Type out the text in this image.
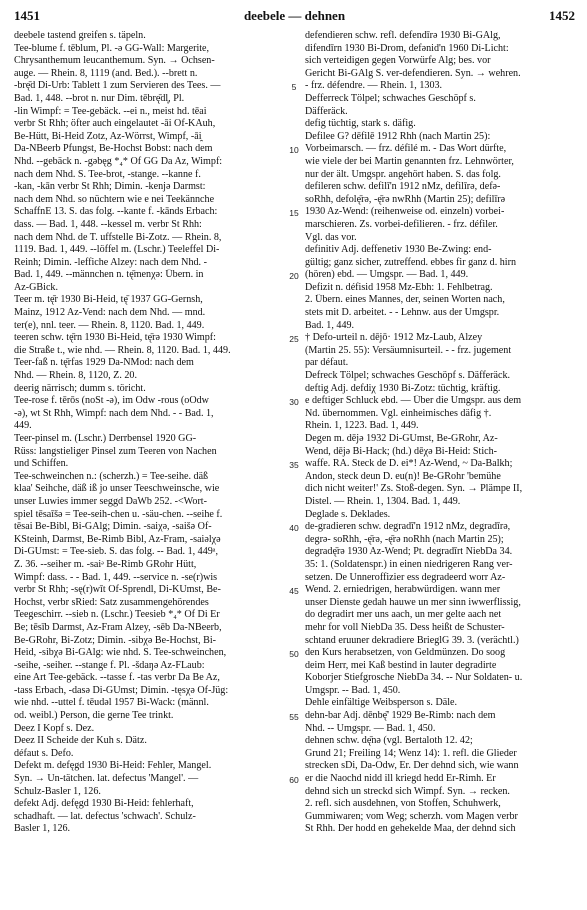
1451	deebele — dehnen	1452

deebele tastend greifen s. täpeln.

Tee-blume f. tēblum, Pl. -ə GG-Wall: Margerite,

Chrysanthemum leucanthemum. Syn. → Ochsen-

auge. — Rhein. 8, 1119 (and. Bed.). --brett n.

-brę̄d Di-Urb: Tablett 1 zum Servieren des Tees. —

Bad. 1, 448. --brot n. nur Dim. tēbrę̄dl̥, Pl.

-lin Wimpf: = Tee-gebäck. --ei n., meist hd. tēai

verbr St Rhh; öfter auch eingelautet -āi Of-KAuh,

Be-Hütt, Bi-Heid Zotz, Az-Wörrst, Wimpf, -āi̯

Da-NBeerb Pfungst, Be-Hochst Bobst: nach dem

Nhd. --gebäck n. -gəbęg *₄* Of GG Da Az, Wimpf:

nach dem Nhd. S. Tee-brot, -stange. --kanne f.

-kan, -kān verbr St Rhh; Dimin. -kenjə Darmst:

nach dem Nhd. so nüchtern wie e nei Teekännche

SchaffnE 13. S. das folg. --kante f. -kānds Erbach:

dass. — Bad. 1, 448. --kessel m. verbr St Rhh:

nach dem Nhd. de T. uffstelle Bi-Zotz. — Rhein. 8,

1119. Bad. 1, 449. --löffel m. (Lschr.) Teeleffel Di-

Reinh; Dimin. -leffiche Alzey: nach dem Nhd. -

Bad. 1, 449. --männchen n. tę̄menχə: Übern. in

Az-GBick.

Teer m. tę̄r 1930 Bi-Heid, tę̄ 1937 GG-Gernsh,

Mainz, 1912 Az-Vend: nach dem Nhd. — mnd.

ter(e), nnl. teer. — Rhein. 8, 1120. Bad. 1, 449.

teeren schw. tę̄rn 1930 Bi-Heid, tę̄rə 1930 Wimpf:

die Straße t., wie nhd. — Rhein. 8, 1120. Bad. 1, 449.

Teer-faß n. tę̄rfas 1929 Da-NMod: nach dem

Nhd. — Rhein. 8, 1120, Z. 20.

deerig närrisch; dumm s. töricht.

Tee-rose f. tērōs (noSt -ə), im Odw -rous (oOdw

-ə), wt St Rhh, Wimpf: nach dem Nhd. - - Bad. 1,

449.

Teer-pinsel m. (Lschr.) Derrbensel 1920 GG-

Rüss: langstieliger Pinsel zum Teeren von Nachen

und Schiffen.

Tee-schweinchen n.: (scherzh.) = Tee-seihe. däß

klaa' Seihche, däß iß jo unser Teeschweinsche, wie

unser Luwies immer seggd DaWb 252. -<Wort-

spiel tēsaīšə = Tee-seih-chen u. -säu-chen. --seihe f.

tēsai Be-Bibl, Bi-GAlg; Dimin. -saiχə, -saišə Of-

KSteinh, Darmst, Be-Rimb Bibl, Az-Fram, -saiəlχə

Di-GUmst: = Tee-sieb. S. das folg. -- Bad. 1, 449ᵃ,

Z. 36. --seiher m. -saiᵊ Be-Rimb GRohr Hütt,

Wimpf: dass. - - Bad. 1, 449. --service n. -se(r)wis

verbr St Rhh; -sę(r)wīt Of-Sprendl, Di-KUmst, Be-

Hochst, verbr sRied: Satz zusammengehörendes

Teegeschirr. --sieb n. (Lschr.) Teesieb *₄* Of Di Er

Be; tēsīb Darmst, Az-Fram Alzey, -sēb Da-NBeerb,

Be-GRohr, Bi-Zotz; Dimin. -sibχə Be-Hochst, Bi-

Heid, -sibχə Bi-GAlg: wie nhd. S. Tee-schweinchen,

-seihe, -seiher. --stange f. Pl. -šdaŋə Az-FLaub:

eine Art Tee-gebäck. --tasse f. -tas verbr Da Be Az,

-tass Erbach, -dasə Di-GUmst; Dimin. -tęsχə Of-Jüg:

wie nhd. --uttel f. tēudəl 1957 Bi-Wack: (männl.

od. weibl.) Person, die gerne Tee trinkt.

Deez I Kopf s. Dez.

Deez II Scheide der Kuh s. Dätz.

défaut s. Defo.

Defekt m. defęgd 1930 Bi-Heid: Fehler, Mangel.

Syn. → Un-tätchen. lat. defectus 'Mangel'. —

Schulz-Basler 1, 126.

defekt Adj. defęgd 1930 Bi-Heid: fehlerhaft,

schadhaft. — lat. defectus 'schwach'. Schulz-

Basler 1, 126.

5
10
15
20
25
30
35
40
45
50
55
60

defendieren schw. refl. defendīrə 1930 Bi-GAlg,

difendīrn 1930 Bi-Drom, defənid'n 1960 Di-Licht:

sich verteidigen gegen Vorwürfe Alg; bes. vor

Gericht Bi-GAlg S. ver-defendieren. Syn. → wehren.

- frz. défendre. — Rhein. 1, 1303.

Defferreck Tölpel; schwaches Geschöpf s.

Däfferäck.

defig tüchtig, stark s. däfig.

Defilee G? dēfilē 1912 Rhh (nach Martin 25):

Vorbeimarsch. — frz. défilé m. - Das Wort dürfte,

wie viele der bei Martin genannten frz. Lehnwörter,

nur der ält. Umgspr. angehört haben. S. das folg.

defileren schw. defilī'n 1912 nMz, defilīrə, defə-

soRhh, defolę̄rə, -ę̄rə nwRhh (Martin 25); defilīrə

1930 Az-Wend: (reihenweise od. einzeln) vorbei-

marschieren. Zs. vorbei-defilieren. - frz. défiler.

Vgl. das vor.

definitiv Adj. deffenetiv 1930 Be-Zwing: end-

gültig; ganz sicher, zutreffend. ebbes fir ganz d. hirn

(hören) ebd. — Umgspr. — Bad. 1, 449.

Defizit n. défisid 1958 Mz-Ebh: 1. Fehlbetrag.

2. Übern. eines Mannes, der, seinen Worten nach,

stets mit D. arbeitet. - - Lehnw. aus der Umgspr.

Bad. 1, 449.

† Defo-urteil n. dējō· 1912 Mz-Laub, Alzey

(Martin 25. 55): Versäumnisurteil. - - frz. jugement

par défaut.

Defreck Tölpel; schwaches Geschöpf s. Däfferäck.

deftig Adj. defdiχ 1930 Bi-Zotz: tüchtig, kräftig.

e deftiger Schluck ebd. — Über die Umgspr. aus dem

Nd. übernommen. Vgl. einheimisches däfig †.

Rhein. 1, 1223. Bad. 1, 449.

Degen m. dējə 1932 Di-GUmst, Be-GRohr, Az-

Wend, dējə Bi-Hack; (hd.) dēχə Bi-Heid: Stich-

waffe. RA. Steck de D. ei*! Az-Wend, ~ Da-Balkh;

Andon, steck deun D. eu(n)! Be-GRohr 'bemühe

dich nicht weiter!' Zs. Stoß-degen. Syn. → Plämpe II,

Distel. — Rhein. 1, 1304. Bad. 1, 449.

Deglade s. Deklades.

de-gradieren schw. degradī'n 1912 nMz, degradīrə,

degrə- soRhh, -ę̄rə, -ę̄rə noRhh (nach Martin 25);

degradę̄rə 1930 Az-Wend; Pt. degradīrt NiebDa 34.

35: 1. (Soldatenspr.) in einen niedrigeren Rang ver-

setzen. De Unneroffizier ess degradeerd worr Az-

Wend. 2. erniedrigen, herabwürdigen. wann mer

unser Dienste gedah hauwe un mer sinn iwwerflissig,

do degradirt mer uns aach, un mer gelte aach net

mehr for voll NiebDa 35. Dess heißt de Schuster-

schtand eruuner dekradiere BrieglG 39. 3. (verächtl.)

den Kurs herabsetzen, von Geldmünzen. Do soog

deim Herr, mei Kaß bestind in lauter degradirte

Koborjer Stiefgrosche NiebDa 34. -- Nur Soldaten- u.

Umgspr. -- Bad. 1, 450.

Dehle einfältige Weibsperson s. Däle.

dehn-bar Adj. dēnbę̄' 1929 Be-Rimb: nach dem

Nhd. -- Umgspr. — Bad. 1, 450.

dehnen schw. dę̄nə (vgl. Bertaloth 12. 42;

Grund 21; Freiling 14; Wenz 14): 1. refl. die Glieder

strecken sDi, Da-Odw, Er. Der dehnd sich, wie wann

er die Naochd nidd ill kriegd hedd Er-Rimh. Er

dehnd sich un streckd sich Wimpf. Syn. → recken.

2. refl. sich ausdehnen, von Stoffen, Schuhwerk,

Gummiwaren; vom Weg; scherzh. vom Magen verbr

St Rhh. Der hodd en gehekelde Maa, der dehnd sich
